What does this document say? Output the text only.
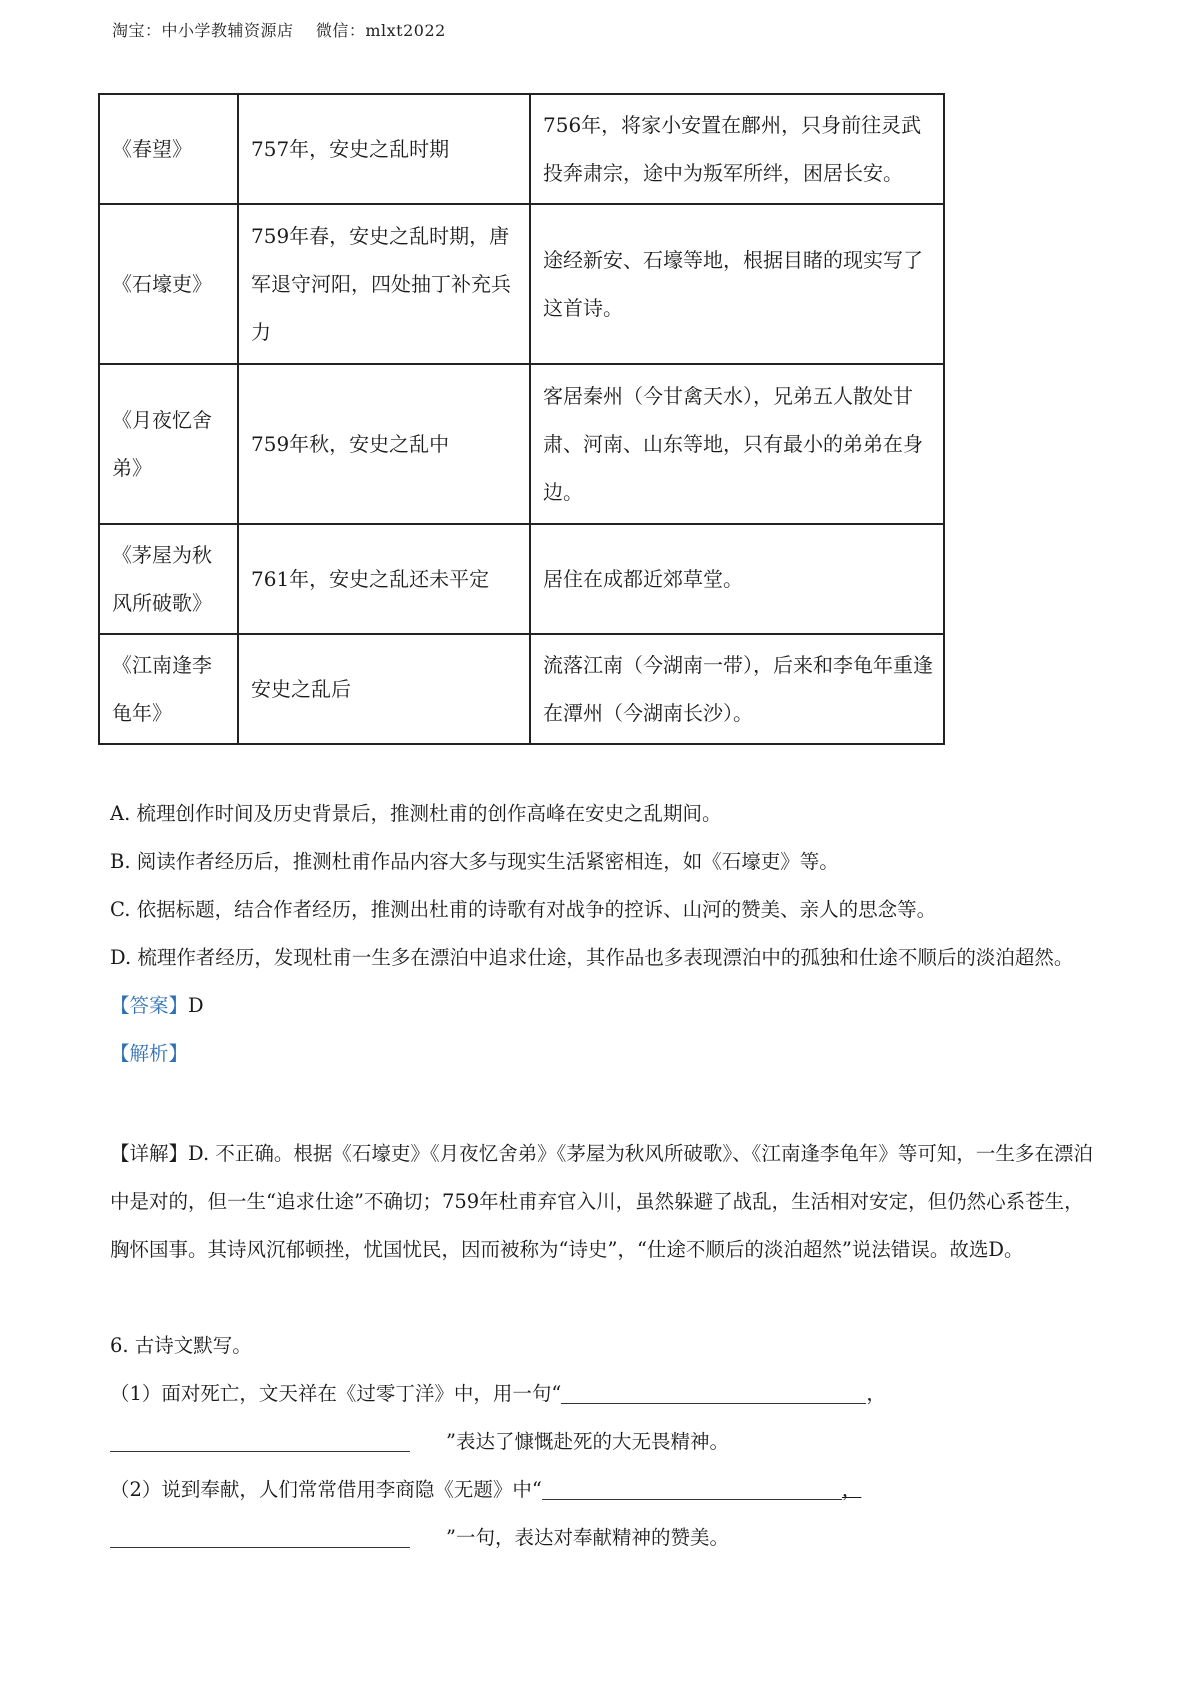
淘宝：中小学教辅资源店    微信：mlxt2022
《春望》	757年，安史之乱时期	756年，将家小安置在鄜州，只身前往灵武投奔肃宗，途中为叛军所绊，困居长安。
《石壕吏》	759年春，安史之乱时期，唐军退守河阳，四处抽丁补充兵力	途经新安、石壕等地，根据目睹的现实写了这首诗。
《月夜忆舍弟》	759年秋，安史之乱中	客居秦州（今甘禽天水），兄弟五人散处甘肃、河南、山东等地，只有最小的弟弟在身边。
《茅屋为秋风所破歌》	761年，安史之乱还未平定	居住在成都近郊草堂。
《江南逢李龟年》	安史之乱后	流落江南（今湖南一带），后来和李龟年重逢在潭州（今湖南长沙）。
A. 梳理创作时间及历史背景后，推测杜甫的创作高峰在安史之乱期间。
B. 阅读作者经历后，推测杜甫作品内容大多与现实生活紧密相连，如《石壕吏》等。
C. 依据标题，结合作者经历，推测出杜甫的诗歌有对战争的控诉、山河的赞美、亲人的思念等。
D. 梳理作者经历，发现杜甫一生多在漂泊中追求仕途，其作品也多表现漂泊中的孤独和仕途不顺后的淡泊超然。
【答案】D
【解析】

【详解】D. 不正确。根据《石壕吏》《月夜忆舍弟》《茅屋为秋风所破歌》、《江南逢李龟年》等可知，一生多在漂泊中是对的，但一生“追求仕途”不确切；759年杜甫弃官入川，虽然躲避了战乱，生活相对安定，但仍然心系苍生，胸怀国事。其诗风沉郁顿挫，忧国忧民，因而被称为“诗史”，“仕途不顺后的淡泊超然”说法错误。故选D。

6. 古诗文默写。
（1）面对死亡，文天祥在《过零丁洋》中，用一句“	，
”表达了慷慨赴死的大无畏精神。
（2）说到奉献，人们常常借用李商隐《无题》中“	，
”一句，表达对奉献精神的赞美。
